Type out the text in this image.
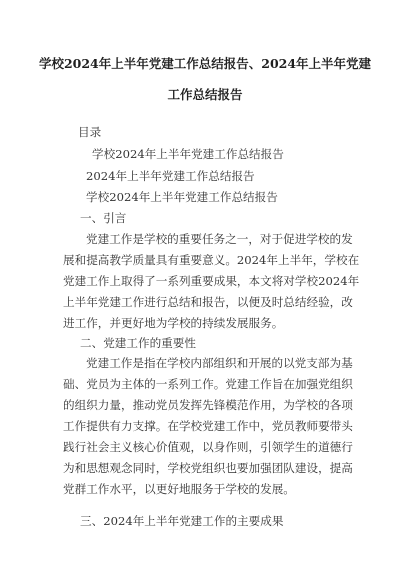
学校2024年上半年党建工作总结报告、2024年上半年党建
工作总结报告
目录
学校2024年上半年党建工作总结报告
2024年上半年党建工作总结报告
学校2024年上半年党建工作总结报告
一、引言
党建工作是学校的重要任务之一，对于促进学校的发
展和提高教学质量具有重要意义。2024年上半年，学校在
党建工作上取得了一系列重要成果，本文将对学校2024年
上半年党建工作进行总结和报告，以便及时总结经验，改
进工作，并更好地为学校的持续发展服务。
二、党建工作的重要性
党建工作是指在学校内部组织和开展的以党支部为基
础、党员为主体的一系列工作。党建工作旨在加强党组织
的组织力量，推动党员发挥先锋模范作用，为学校的各项
工作提供有力支撑。在学校党建工作中，党员教师要带头
践行社会主义核心价值观，以身作则，引领学生的道德行
为和思想观念同时，学校党组织也要加强团队建设，提高
党群工作水平，以更好地服务于学校的发展。
三、2024年上半年党建工作的主要成果
